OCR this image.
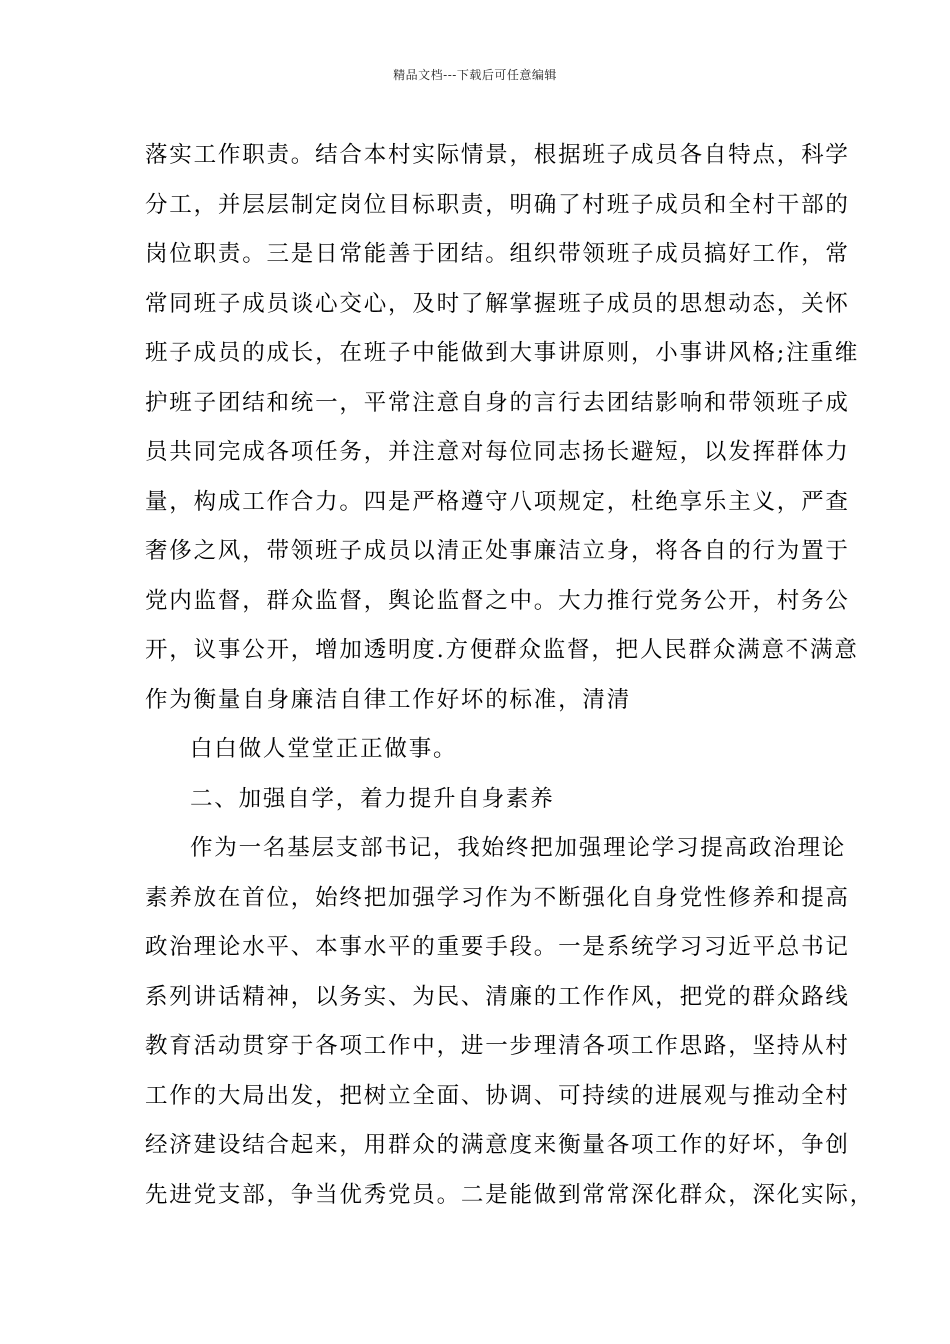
精品文档---下载后可任意编辑
落实工作职责。结合本村实际情景，根据班子成员各自特点，科学
分工，并层层制定岗位目标职责，明确了村班子成员和全村干部的
岗位职责。三是日常能善于团结。组织带领班子成员搞好工作，常
常同班子成员谈心交心，及时了解掌握班子成员的思想动态，关怀
班子成员的成长，在班子中能做到大事讲原则，小事讲风格;注重维
护班子团结和统一，平常注意自身的言行去团结影响和带领班子成
员共同完成各项任务，并注意对每位同志扬长避短，以发挥群体力
量，构成工作合力。四是严格遵守八项规定，杜绝享乐主义，严查
奢侈之风，带领班子成员以清正处事廉洁立身，将各自的行为置于
党内监督，群众监督，舆论监督之中。大力推行党务公开，村务公
开，议事公开，增加透明度.方便群众监督，把人民群众满意不满意
作为衡量自身廉洁自律工作好坏的标准，清清
白白做人堂堂正正做事。
二、加强自学，着力提升自身素养
作为一名基层支部书记，我始终把加强理论学习提高政治理论
素养放在首位，始终把加强学习作为不断强化自身党性修养和提高
政治理论水平、本事水平的重要手段。一是系统学习习近平总书记
系列讲话精神，以务实、为民、清廉的工作作风，把党的群众路线
教育活动贯穿于各项工作中，进一步理清各项工作思路，坚持从村
工作的大局出发，把树立全面、协调、可持续的进展观与推动全村
经济建设结合起来，用群众的满意度来衡量各项工作的好坏，争创
先进党支部，争当优秀党员。二是能做到常常深化群众，深化实际，
